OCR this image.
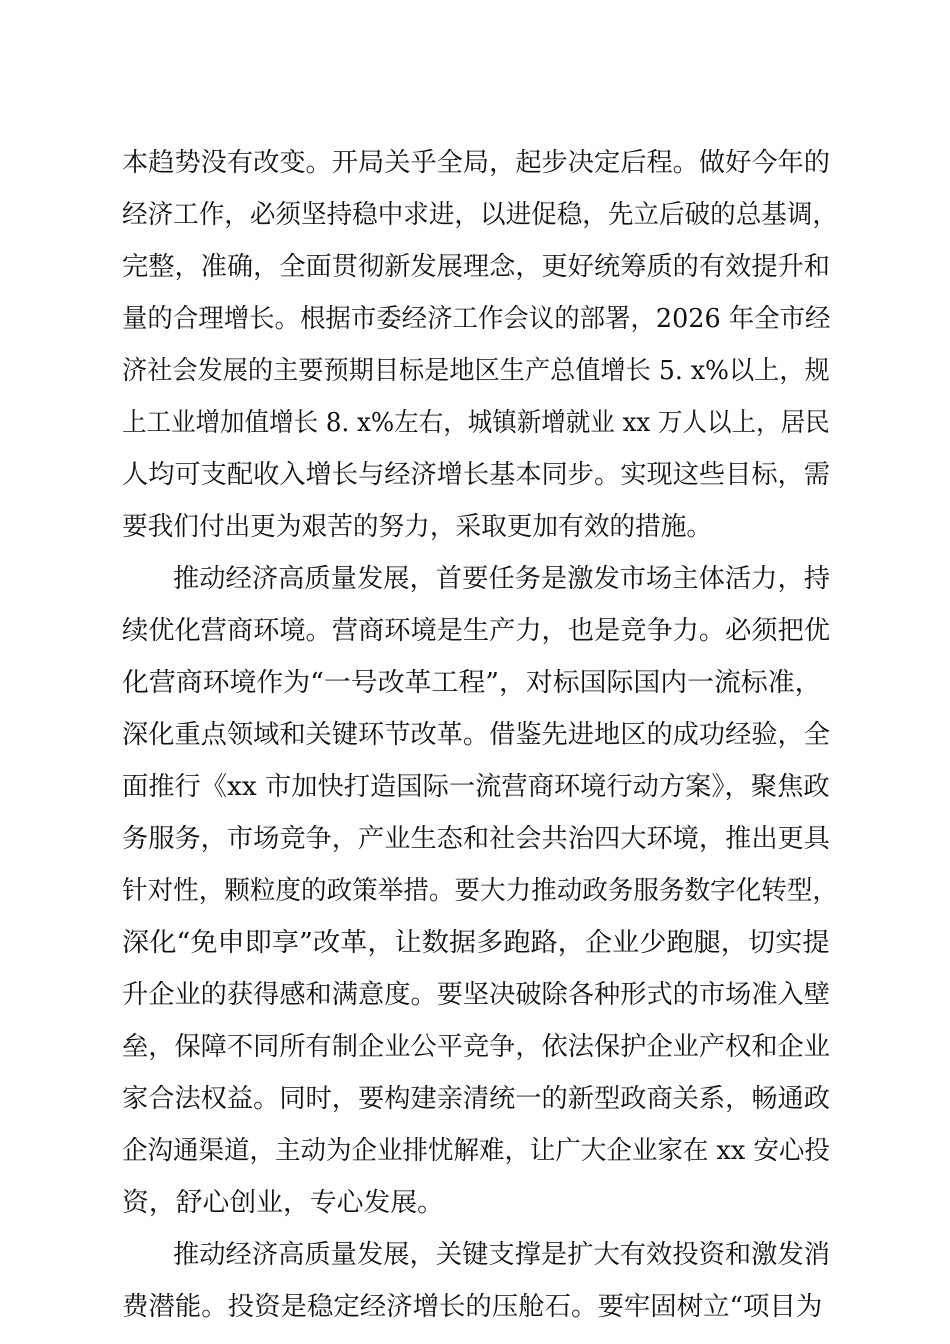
本趋势没有改变。开局关乎全局，起步决定后程。做好今年的
经济工作，必须坚持稳中求进，以进促稳，先立后破的总基调，
完整，准确，全面贯彻新发展理念，更好统筹质的有效提升和
量的合理增长。根据市委经济工作会议的部署，2026 年全市经
济社会发展的主要预期目标是地区生产总值增长 5. x%以上，规
上工业增加值增长 8. x%左右，城镇新增就业 xx 万人以上，居民
人均可支配收入增长与经济增长基本同步。实现这些目标，需
要我们付出更为艰苦的努力，采取更加有效的措施。
推动经济高质量发展，首要任务是激发市场主体活力，持
续优化营商环境。营商环境是生产力，也是竞争力。必须把优
化营商环境作为“一号改革工程”，对标国际国内一流标准，
深化重点领域和关键环节改革。借鉴先进地区的成功经验，全
面推行《xx 市加快打造国际一流营商环境行动方案》，聚焦政
务服务，市场竞争，产业生态和社会共治四大环境，推出更具
针对性，颗粒度的政策举措。要大力推动政务服务数字化转型，
深化“免申即享”改革，让数据多跑路，企业少跑腿，切实提
升企业的获得感和满意度。要坚决破除各种形式的市场准入壁
垒，保障不同所有制企业公平竞争，依法保护企业产权和企业
家合法权益。同时，要构建亲清统一的新型政商关系，畅通政
企沟通渠道，主动为企业排忧解难，让广大企业家在 xx 安心投
资，舒心创业，专心发展。
推动经济高质量发展，关键支撑是扩大有效投资和激发消
费潜能。投资是稳定经济增长的压舱石。要牢固树立“项目为
